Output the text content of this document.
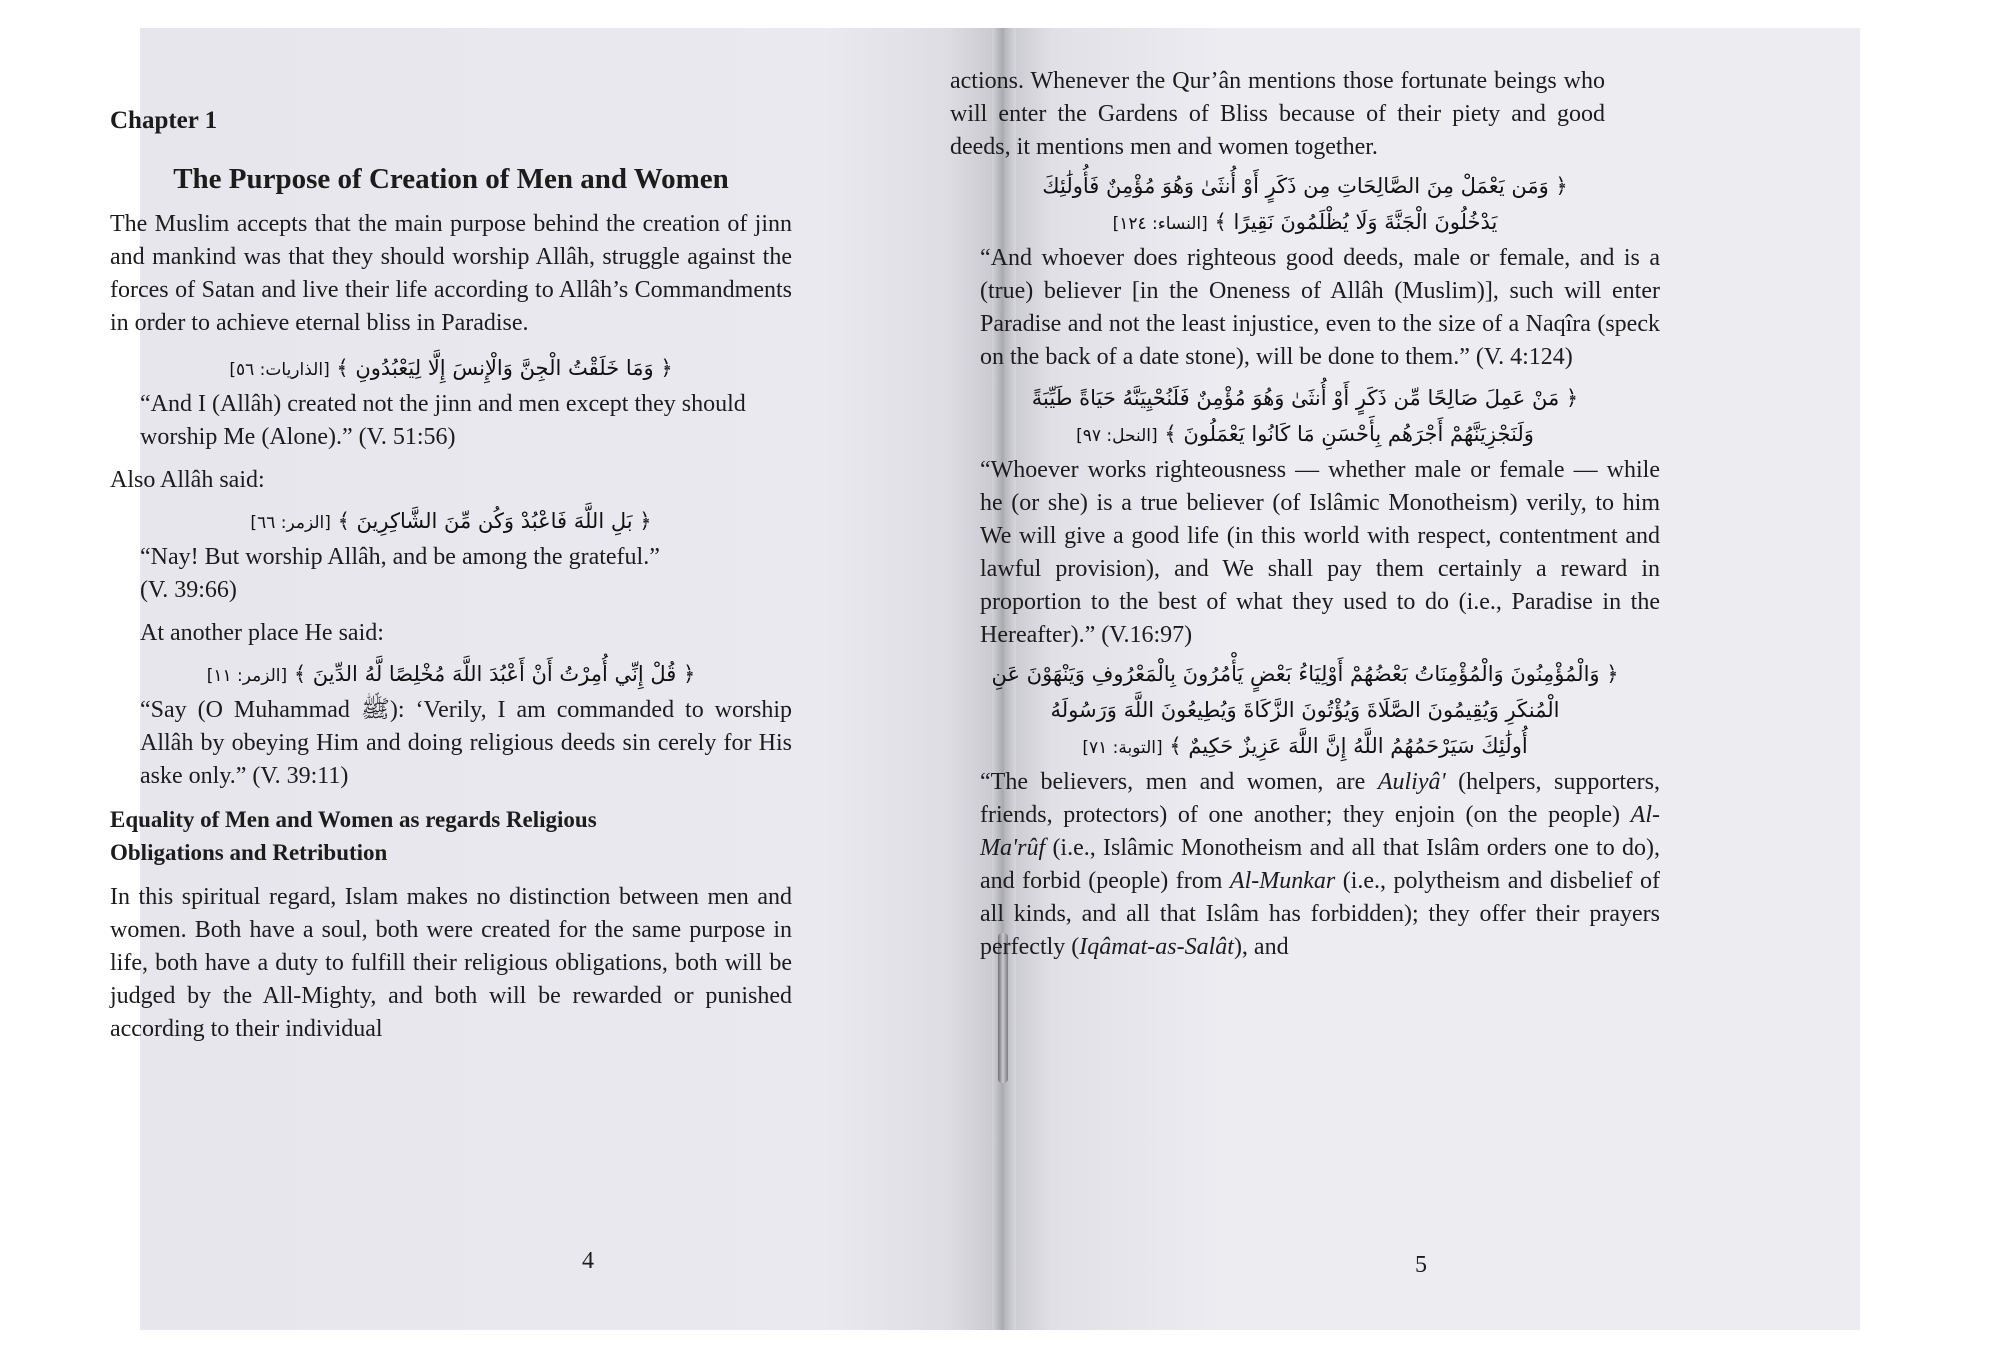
Chapter 1

The Purpose of Creation of Men and Women

The Muslim accepts that the main purpose behind the creation of jinn and mankind was that they should worship Allâh, struggle against the forces of Satan and live their life according to Allâh’s Commandments in order to achieve eternal bliss in Paradise.

﴿ وَمَا خَلَقْتُ الْجِنَّ وَالْإِنسَ إِلَّا لِيَعْبُدُونِ ﴾ [الذاريات: ٥٦]

“And I (Allâh) created not the jinn and men except they should worship Me (Alone).” (V. 51:56)

Also Allâh said:

﴿ بَلِ اللَّهَ فَاعْبُدْ وَكُن مِّنَ الشَّاكِرِينَ ﴾ [الزمر: ٦٦]

“Nay! But worship Allâh, and be among the grateful.” (V. 39:66)

At another place He said:

﴿ قُلْ إِنِّي أُمِرْتُ أَنْ أَعْبُدَ اللَّهَ مُخْلِصًا لَّهُ الدِّينَ ﴾ [الزمر: ١١]

“Say (O Muhammad ﷺ): ‘Verily, I am commanded to worship Allâh by obeying Him and doing religious deeds sin cerely for His aske only.” (V. 39:11)

Equality of Men and Women as regards Religious Obligations and Retribution

In this spiritual regard, Islam makes no distinction between men and women. Both have a soul, both were created for the same purpose in life, both have a duty to fulfill their religious obligations, both will be judged by the All-Mighty, and both will be rewarded or punished according to their individual

4

actions. Whenever the Qur’ân mentions those fortunate beings who will enter the Gardens of Bliss because of their piety and good deeds, it mentions men and women together.

﴿ وَمَن يَعْمَلْ مِنَ الصَّالِحَاتِ مِن ذَكَرٍ أَوْ أُنثَىٰ وَهُوَ مُؤْمِنٌ فَأُولَٰئِكَ
يَدْخُلُونَ الْجَنَّةَ وَلَا يُظْلَمُونَ نَقِيرًا ﴾ [النساء: ١٢٤]

“And whoever does righteous good deeds, male or female, and is a (true) believer [in the Oneness of Allâh (Muslim)], such will enter Paradise and not the least injustice, even to the size of a Naqîra (speck on the back of a date stone), will be done to them.” (V. 4:124)

﴿ مَنْ عَمِلَ صَالِحًا مِّن ذَكَرٍ أَوْ أُنثَىٰ وَهُوَ مُؤْمِنٌ فَلَنُحْيِيَنَّهُ حَيَاةً طَيِّبَةً
وَلَنَجْزِيَنَّهُمْ أَجْرَهُم بِأَحْسَنِ مَا كَانُوا يَعْمَلُونَ ﴾ [النحل: ٩٧]

“Whoever works righteousness — whether male or female — while he (or she) is a true believer (of Islâmic Monotheism) verily, to him We will give a good life (in this world with respect, contentment and lawful provision), and We shall pay them certainly a reward in proportion to the best of what they used to do (i.e., Paradise in the Hereafter).” (V.16:97)

﴿ وَالْمُؤْمِنُونَ وَالْمُؤْمِنَاتُ بَعْضُهُمْ أَوْلِيَاءُ بَعْضٍ يَأْمُرُونَ بِالْمَعْرُوفِ وَيَنْهَوْنَ عَنِ
الْمُنكَرِ وَيُقِيمُونَ الصَّلَاةَ وَيُؤْتُونَ الزَّكَاةَ وَيُطِيعُونَ اللَّهَ وَرَسُولَهُ
أُولَٰئِكَ سَيَرْحَمُهُمُ اللَّهُ إِنَّ اللَّهَ عَزِيزٌ حَكِيمٌ ﴾ [التوبة: ٧١]

“The believers, men and women, are Auliyâ' (helpers, supporters, friends, protectors) of one another; they enjoin (on the people) Al-Ma'rûf (i.e., Islâmic Monotheism and all that Islâm orders one to do), and forbid (people) from Al-Munkar (i.e., polytheism and disbelief of all kinds, and all that Islâm has forbidden); they offer their prayers perfectly (Iqâmat-as-Salât), and

5
